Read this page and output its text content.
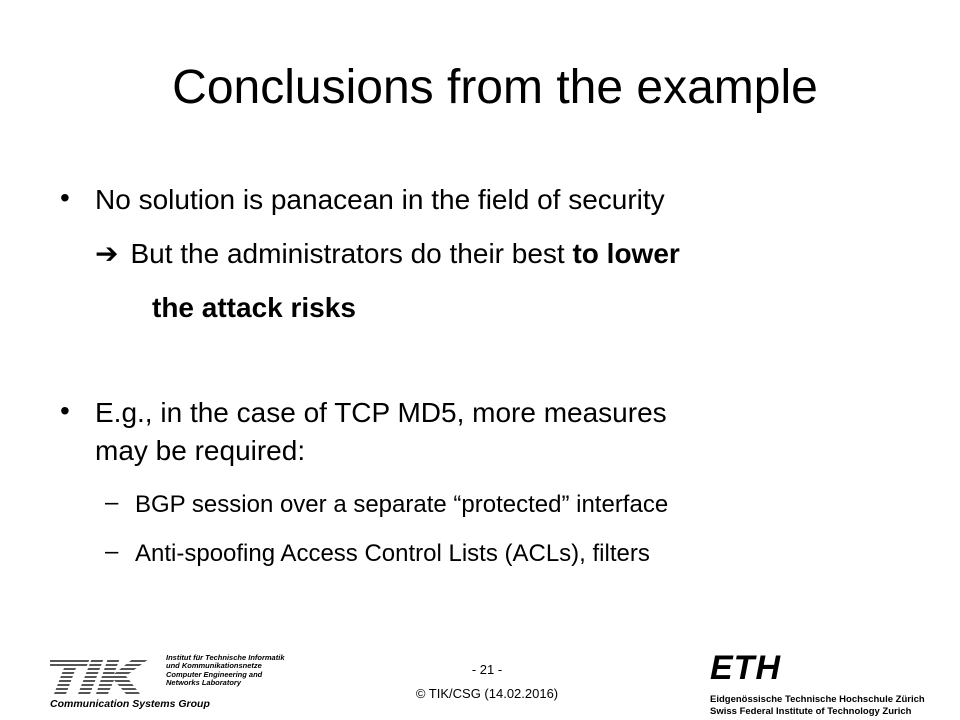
Conclusions from the example
• No solution is panacean in the field of security
➔ But the administrators do their best to lower
the attack risks
• E.g., in the case of TCP MD5, more measures
may be required:
– BGP session over a separate “protected” interface
– Anti-spoofing Access Control Lists (ACLs), filters
Institut für Technische Informatik
und Kommunikationsnetze
Computer Engineering and
Networks Laboratory
Communication Systems Group
- 21 -
© TIK/CSG (14.02.2016)
ETH
Eidgenössische Technische Hochschule Zürich
Swiss Federal Institute of Technology Zurich
